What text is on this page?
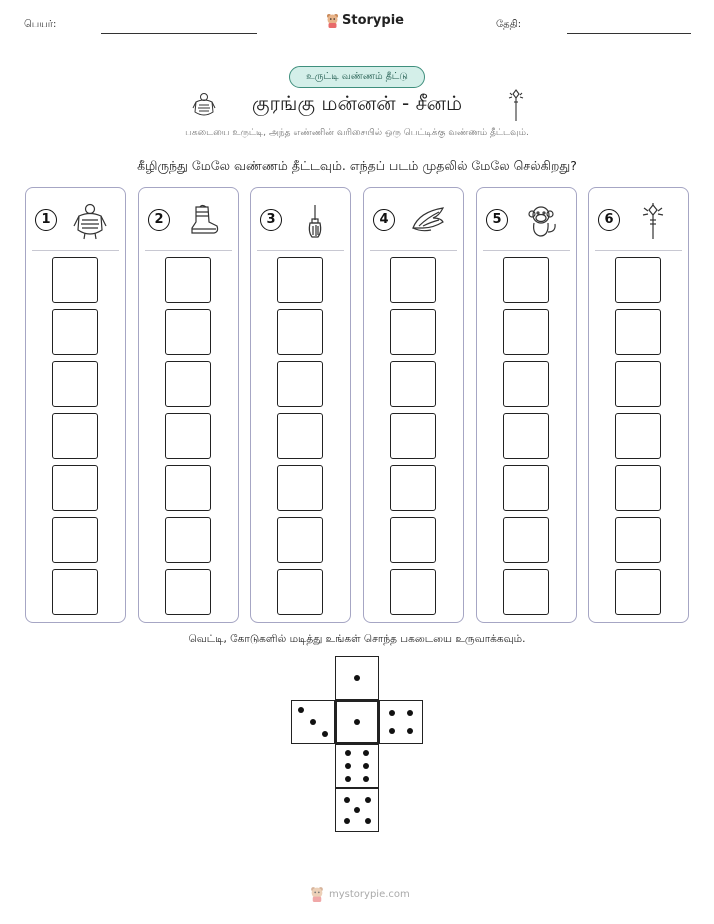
பெயர்:	Storypie	தேதி:
உருட்டி வண்ணம் தீட்டு
குரங்கு மன்னன் - சீனம்
பகடையை உருட்டி, அந்த எண்ணின் வரிசையில் ஒரு பெட்டிக்கு வண்ணம் தீட்டவும்.
கீழிருந்து மேலே வண்ணம் தீட்டவும். எந்தப் படம் முதலில் மேலே செல்கிறது?
1	2	3	4	5	6
வெட்டி, கோடுகளில் மடித்து உங்கள் சொந்த பகடையை உருவாக்கவும்.
mystorypie.com
